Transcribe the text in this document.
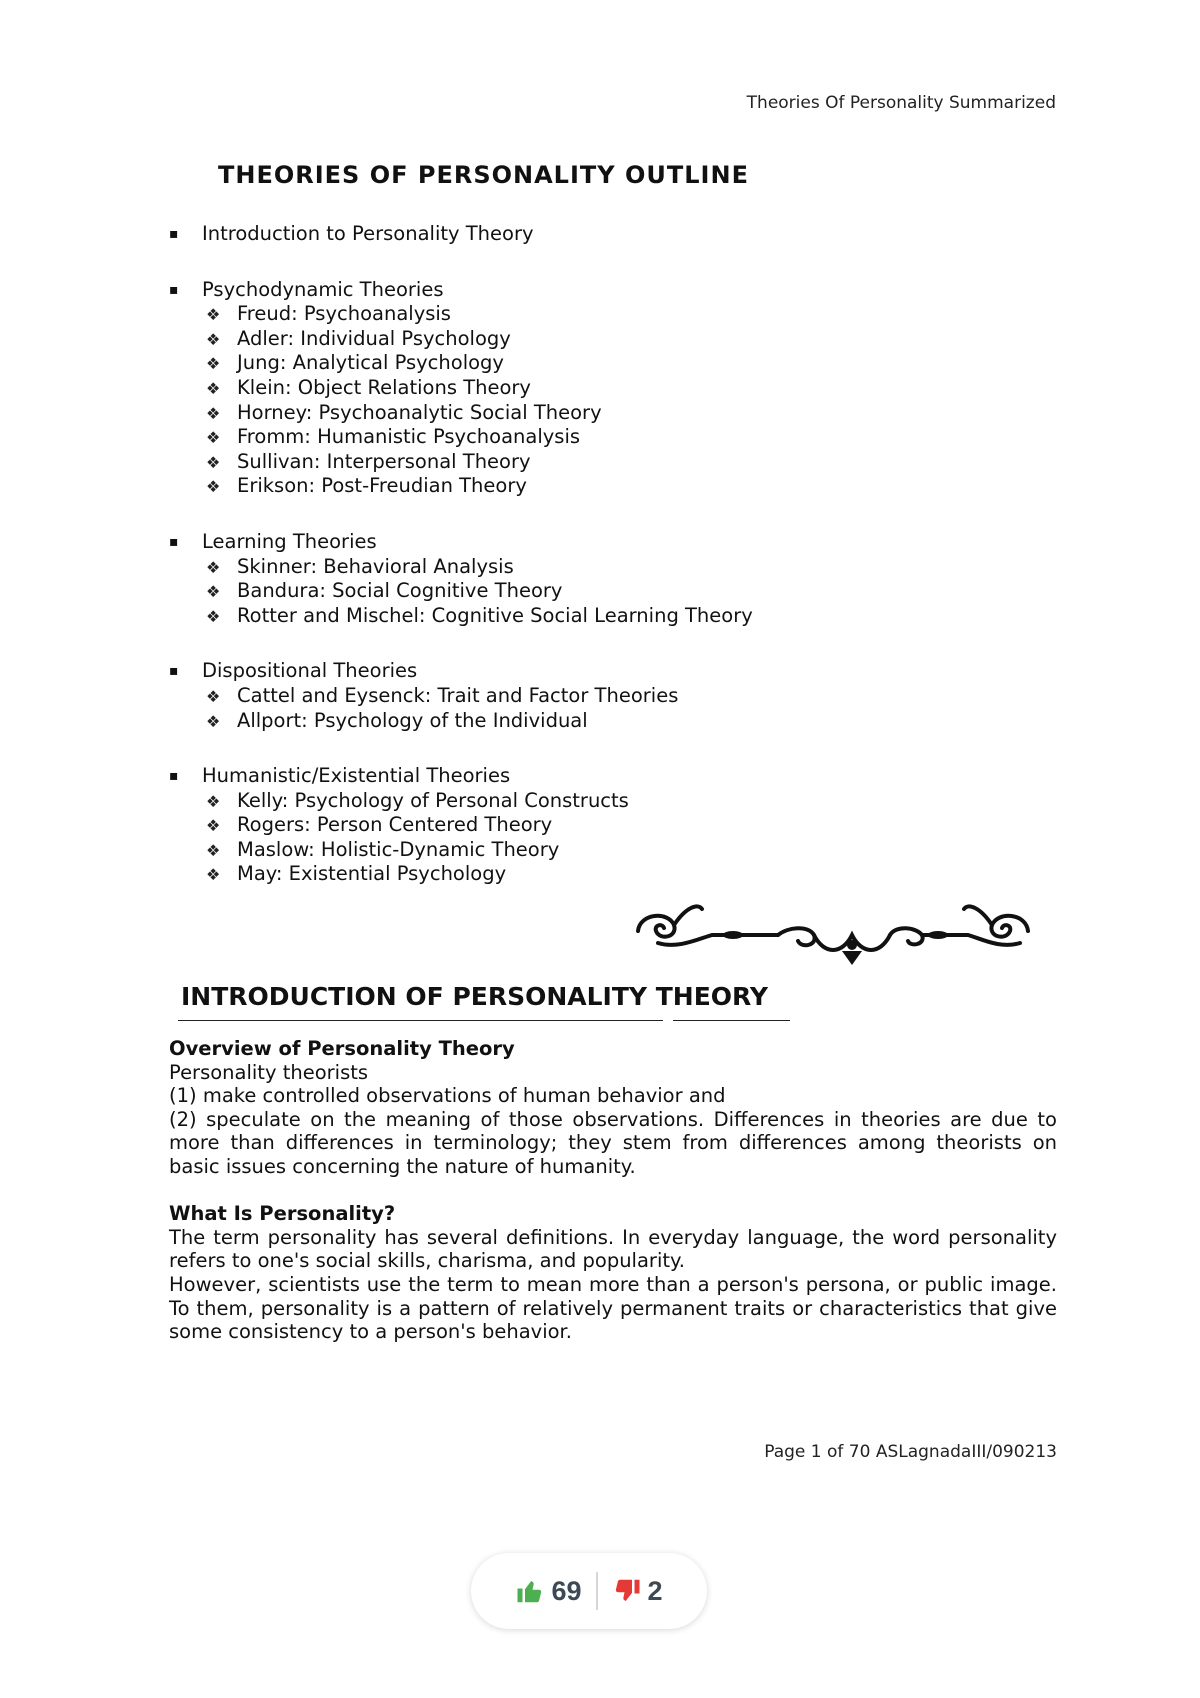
Theories Of Personality Summarized
THEORIES OF PERSONALITY OUTLINE
▪ Introduction to Personality Theory
▪ Psychodynamic Theories
❖ Freud: Psychoanalysis
❖ Adler: Individual Psychology
❖ Jung: Analytical Psychology
❖ Klein: Object Relations Theory
❖ Horney: Psychoanalytic Social Theory
❖ Fromm: Humanistic Psychoanalysis
❖ Sullivan: Interpersonal Theory
❖ Erikson: Post-Freudian Theory
▪ Learning Theories
❖ Skinner: Behavioral Analysis
❖ Bandura: Social Cognitive Theory
❖ Rotter and Mischel: Cognitive Social Learning Theory
▪ Dispositional Theories
❖ Cattel and Eysenck: Trait and Factor Theories
❖ Allport: Psychology of the Individual
▪ Humanistic/Existential Theories
❖ Kelly: Psychology of Personal Constructs
❖ Rogers: Person Centered Theory
❖ Maslow: Holistic-Dynamic Theory
❖ May: Existential Psychology
INTRODUCTION OF PERSONALITY THEORY
Overview of Personality Theory

Personality theorists

(1) make controlled observations of human behavior and

(2) speculate on the meaning of those observations. Differences in theories are due to more than differences in terminology; they stem from differences among theorists on basic issues concerning the nature of humanity.

What Is Personality?

The term personality has several definitions. In everyday language, the word personality refers to one's social skills, charisma, and popularity.

However, scientists use the term to mean more than a person's persona, or public image. To them, personality is a pattern of relatively permanent traits or characteristics that give some consistency to a person's behavior.

Page 1 of 70 ASLagnadaIII/090213
69 2
